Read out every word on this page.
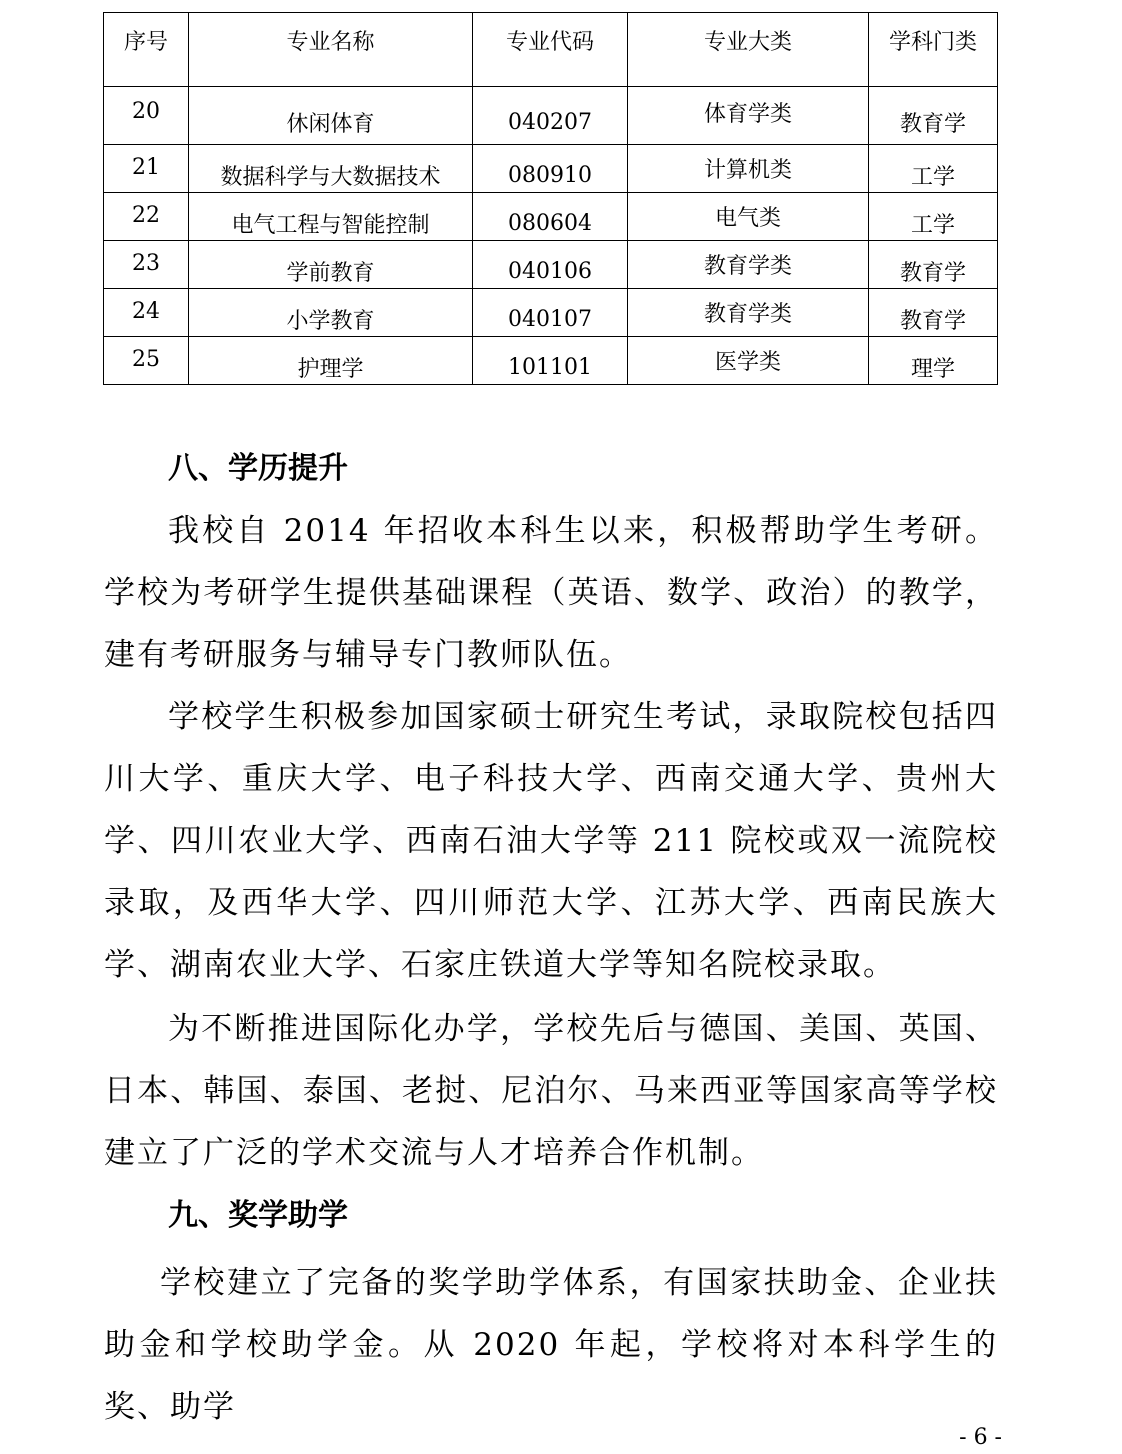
序号	专业名称	专业代码	专业大类	学科门类
20	休闲体育	040207	体育学类	教育学
21	数据科学与大数据技术	080910	计算机类	工学
22	电气工程与智能控制	080604	电气类	工学
23	学前教育	040106	教育学类	教育学
24	小学教育	040107	教育学类	教育学
25	护理学	101101	医学类	理学
八、学历提升

我校自 2014 年招收本科生以来，积极帮助学生考研。学校为考研学生提供基础课程（英语、数学、政治）的教学，建有考研服务与辅导专门教师队伍。

学校学生积极参加国家硕士研究生考试，录取院校包括四川大学、重庆大学、电子科技大学、西南交通大学、贵州大学、四川农业大学、西南石油大学等 211 院校或双一流院校录取，及西华大学、四川师范大学、江苏大学、西南民族大学、湖南农业大学、石家庄铁道大学等知名院校录取。

为不断推进国际化办学，学校先后与德国、美国、英国、日本、韩国、泰国、老挝、尼泊尔、马来西亚等国家高等学校建立了广泛的学术交流与人才培养合作机制。

九、奖学助学

学校建立了完备的奖学助学体系，有国家扶助金、企业扶助金和学校助学金。从 2020 年起，学校将对本科学生的奖、助学

- 6 -
